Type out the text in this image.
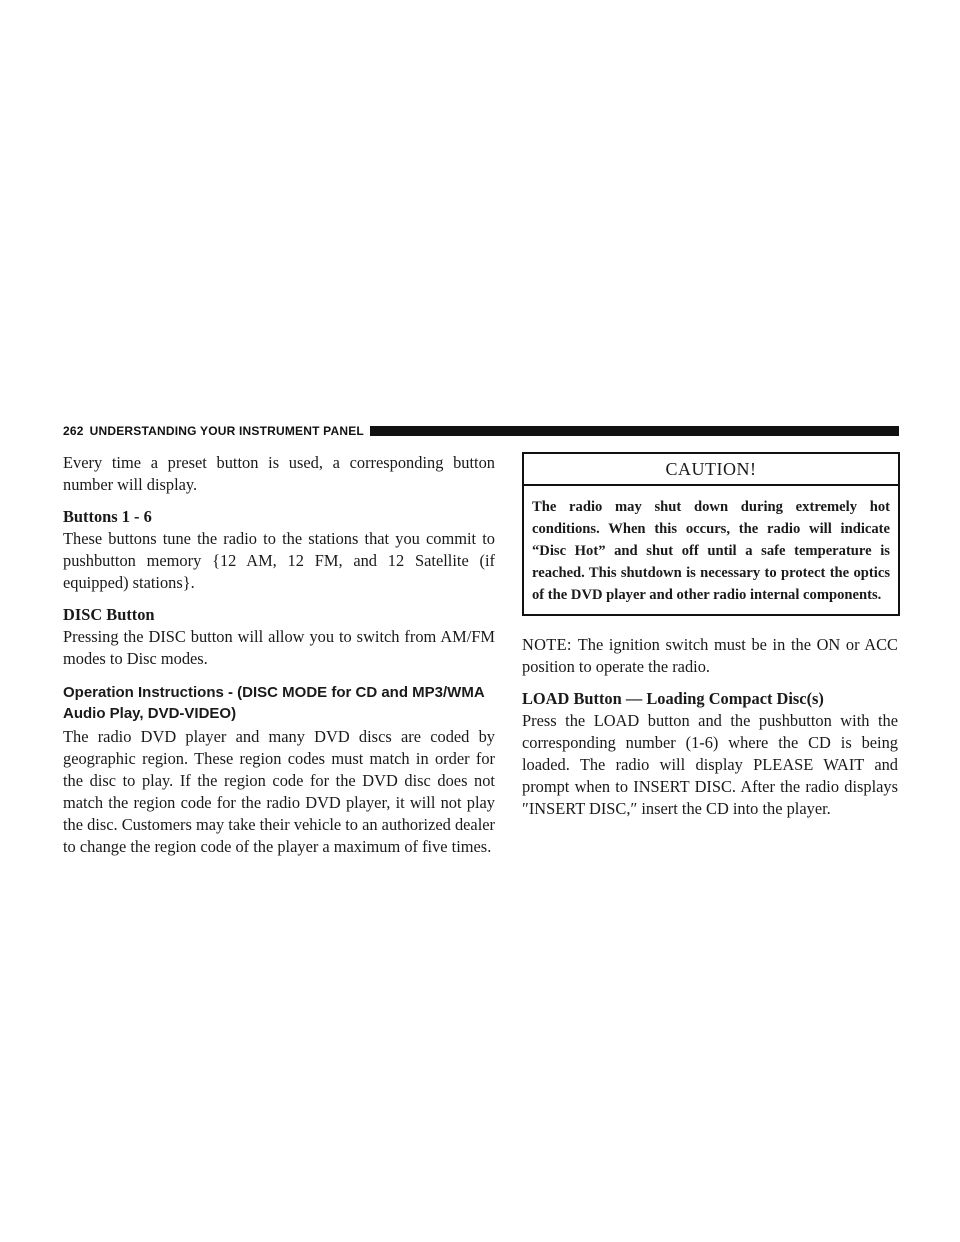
262 UNDERSTANDING YOUR INSTRUMENT PANEL

Every time a preset button is used, a corresponding button number will display.

Buttons 1 - 6

These buttons tune the radio to the stations that you commit to pushbutton memory {12 AM, 12 FM, and 12 Satellite (if equipped) stations}.

DISC Button

Pressing the DISC button will allow you to switch from AM/FM modes to Disc modes.

Operation Instructions - (DISC MODE for CD and MP3/WMA Audio Play, DVD-VIDEO)

The radio DVD player and many DVD discs are coded by geographic region. These region codes must match in order for the disc to play. If the region code for the DVD disc does not match the region code for the radio DVD player, it will not play the disc. Customers may take their vehicle to an authorized dealer to change the region code of the player a maximum of five times.

CAUTION!
The radio may shut down during extremely hot conditions. When this occurs, the radio will indicate “Disc Hot” and shut off until a safe temperature is reached. This shutdown is necessary to protect the optics of the DVD player and other radio internal components.

NOTE: The ignition switch must be in the ON or ACC position to operate the radio.

LOAD Button — Loading Compact Disc(s)

Press the LOAD button and the pushbutton with the corresponding number (1-6) where the CD is being loaded. The radio will display PLEASE WAIT and prompt when to INSERT DISC. After the radio displays ″INSERT DISC,″ insert the CD into the player.
